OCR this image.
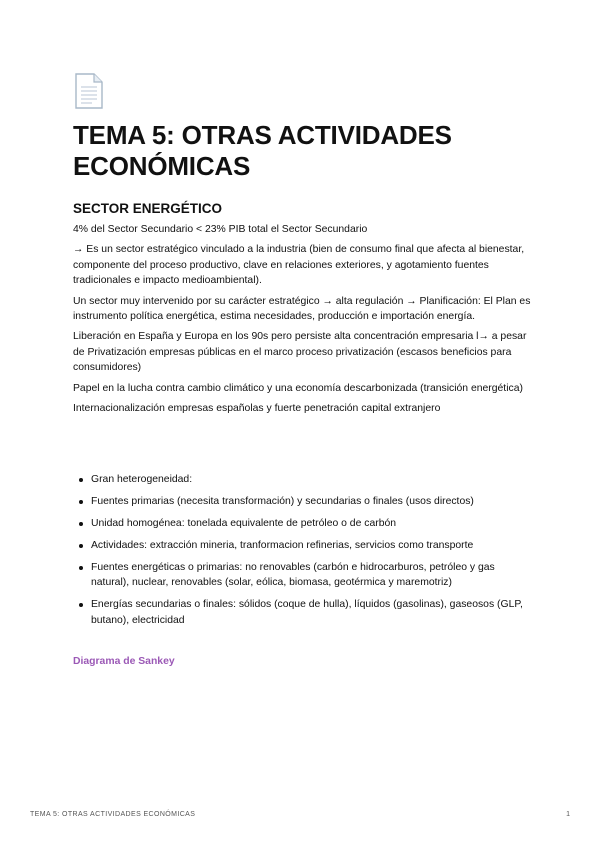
TEMA 5: OTRAS ACTIVIDADES ECONÓMICAS
SECTOR ENERGÉTICO

4% del Sector Secundario < 23% PIB total el Sector Secundario

→ Es un sector estratégico vinculado a la industria (bien de consumo final que afecta al bienestar, componente del proceso productivo, clave en relaciones exteriores, y agotamiento fuentes tradicionales e impacto medioambiental).

Un sector muy intervenido por su carácter estratégico → alta regulación → Planificación: El Plan es instrumento política energética, estima necesidades, producción e importación energía.

Liberación en España y Europa en los 90s pero persiste alta concentración empresaria l→ a pesar de Privatización empresas públicas en el marco proceso privatización (escasos beneficios para consumidores)

Papel en la lucha contra cambio climático y una economía descarbonizada (transición energética)

Internacionalización empresas españolas y fuerte penetración capital extranjero

Gran heterogeneidad:
Fuentes primarias (necesita transformación) y secundarias o finales (usos directos)
Unidad homogénea: tonelada equivalente de petróleo o de carbón
Actividades: extracción mineria, tranformacion refinerias, servicios como transporte
Fuentes energéticas o primarias: no renovables (carbón e hidrocarburos, petróleo y gas natural), nuclear, renovables (solar, eólica, biomasa, geotérmica y maremotriz)
Energías secundarias o finales: sólidos (coque de hulla), líquidos (gasolinas), gaseosos (GLP, butano), electricidad
Diagrama de Sankey
TEMA 5: OTRAS ACTIVIDADES ECONÓMICAS	1
